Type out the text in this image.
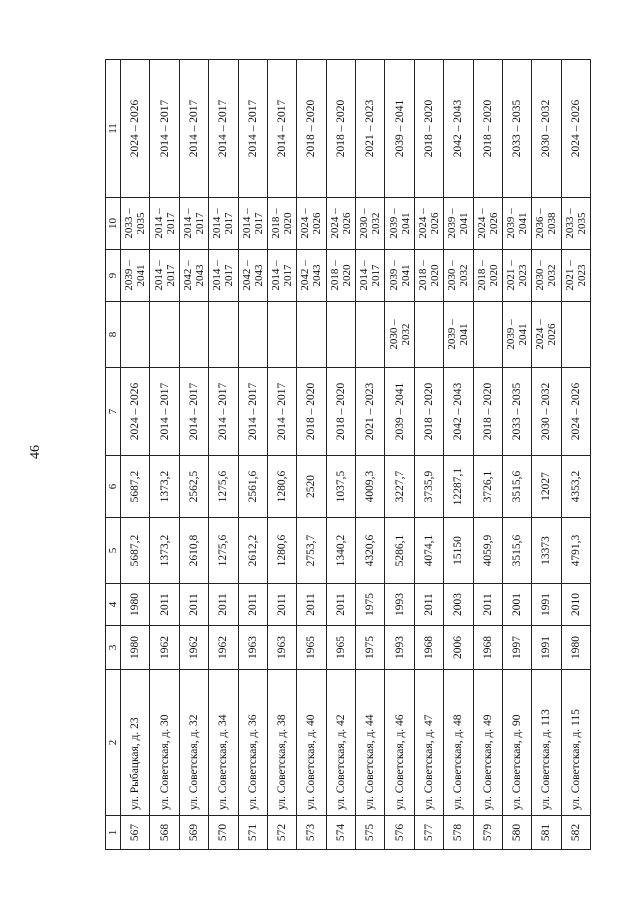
46
1	2	3	4	5	6	7	8	9	10	11
567	ул. Рыбацкая, д. 23	1980	1980	5687,2	5687,2	2024 – 2026		2039 – 2041	2033 – 2035	2024 – 2026
568	ул. Советская, д. 30	1962	2011	1373,2	1373,2	2014 – 2017		2014 – 2017	2014 – 2017	2014 – 2017
569	ул. Советская, д. 32	1962	2011	2610,8	2562,5	2014 – 2017		2042 – 2043	2014 – 2017	2014 – 2017
570	ул. Советская, д. 34	1962	2011	1275,6	1275,6	2014 – 2017		2014 – 2017	2014 – 2017	2014 – 2017
571	ул. Советская, д. 36	1963	2011	2612,2	2561,6	2014 – 2017		2042 – 2043	2014 – 2017	2014 – 2017
572	ул. Советская, д. 38	1963	2011	1280,6	1280,6	2014 – 2017		2014 – 2017	2018 – 2020	2014 – 2017
573	ул. Советская, д. 40	1965	2011	2753,7	2520	2018 – 2020		2042 – 2043	2024 – 2026	2018 – 2020
574	ул. Советская, д. 42	1965	2011	1340,2	1037,5	2018 – 2020		2018 – 2020	2024 – 2026	2018 – 2020
575	ул. Советская, д. 44	1975	1975	4320,6	4009,3	2021 – 2023		2014 – 2017	2030 – 2032	2021 – 2023
576	ул. Советская, д. 46	1993	1993	5286,1	3227,7	2039 – 2041	2030 – 2032	2039 – 2041	2039 – 2041	2039 – 2041
577	ул. Советская, д. 47	1968	2011	4074,1	3735,9	2018 – 2020		2018 – 2020	2024 – 2026	2018 – 2020
578	ул. Советская, д. 48	2006	2003	15150	12287,1	2042 – 2043	2039 – 2041	2030 – 2032	2039 – 2041	2042 – 2043
579	ул. Советская, д. 49	1968	2011	4059,9	3726,1	2018 – 2020		2018 – 2020	2024 – 2026	2018 – 2020
580	ул. Советская, д. 90	1997	2001	3515,6	3515,6	2033 – 2035	2039 – 2041	2021 – 2023	2039 – 2041	2033 – 2035
581	ул. Советская, д. 113	1991	1991	13373	12027	2030 – 2032	2024 – 2026	2030 – 2032	2036 – 2038	2030 – 2032
582	ул. Советская, д. 115	1980	2010	4791,3	4353,2	2024 – 2026		2021 – 2023	2033 – 2035	2024 – 2026
